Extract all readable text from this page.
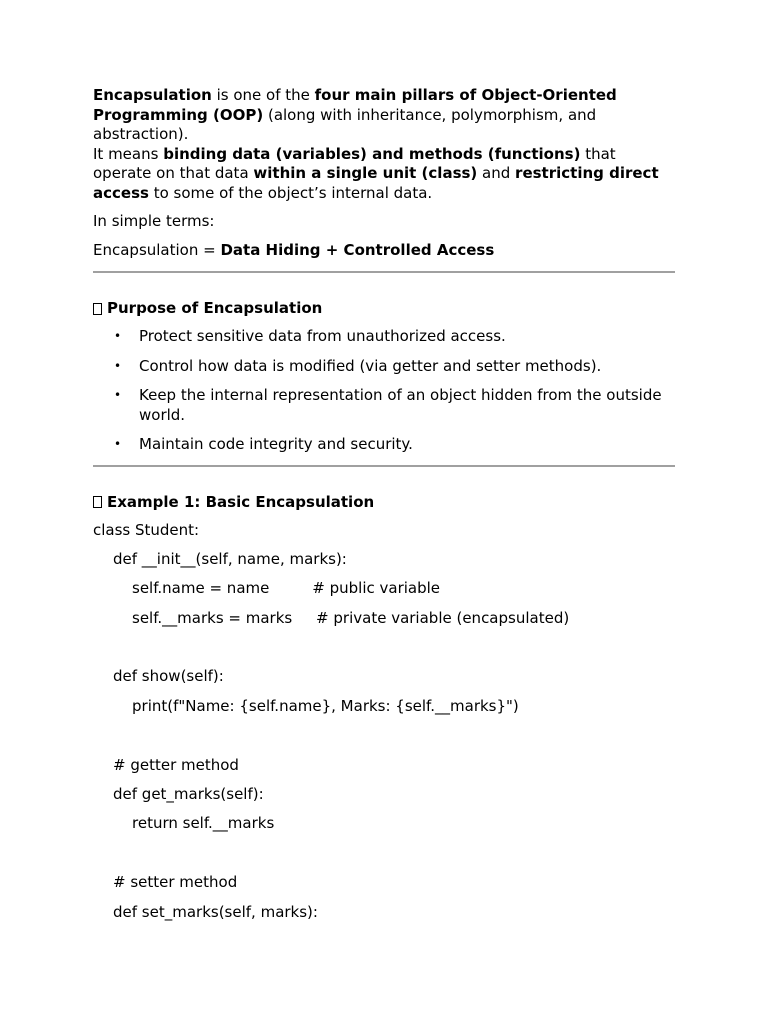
Encapsulation is one of the four main pillars of Object-Oriented Programming (OOP) (along with inheritance, polymorphism, and abstraction).

It means binding data (variables) and methods (functions) that operate on that data within a single unit (class) and restricting direct access to some of the object’s internal data.

In simple terms:

Encapsulation = Data Hiding + Controlled Access

Purpose of Encapsulation
• Protect sensitive data from unauthorized access.
• Control how data is modified (via getter and setter methods).
• Keep the internal representation of an object hidden from the outside world.
• Maintain code integrity and security.
Example 1: Basic Encapsulation
class Student:
def __init__(self, name, marks):
self.name = name         # public variable
self.__marks = marks     # private variable (encapsulated)
def show(self):
print(f"Name: {self.name}, Marks: {self.__marks}")
# getter method
def get_marks(self):
return self.__marks
# setter method
def set_marks(self, marks):
